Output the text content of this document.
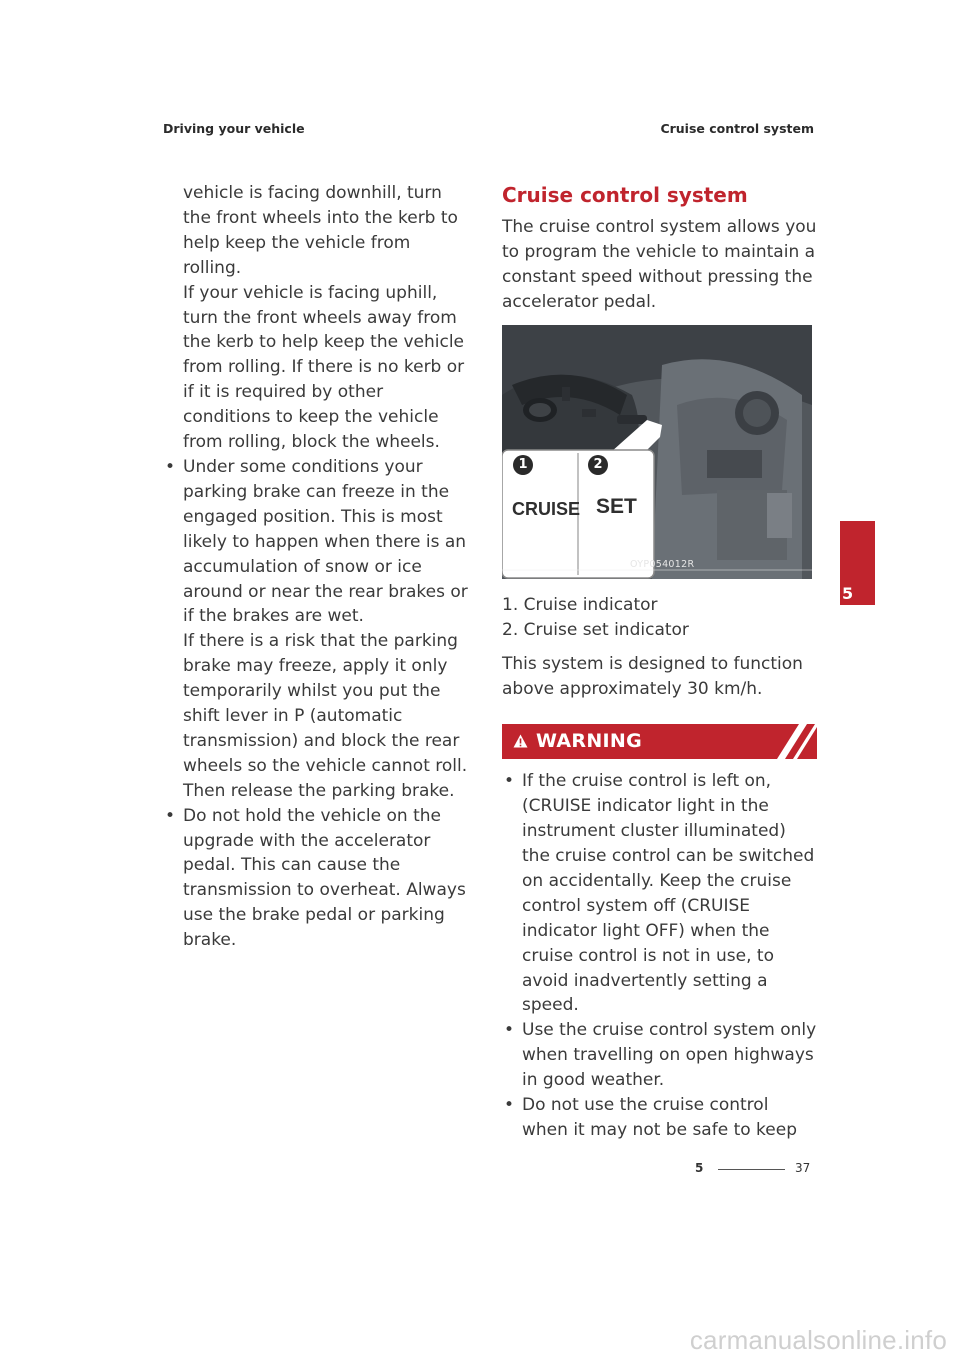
Driving your vehicle	Cruise control system
vehicle is facing downhill, turn the front wheels into the kerb to help keep the vehicle from rolling.
If your vehicle is facing uphill, turn the front wheels away from the kerb to help keep the vehicle from rolling. If there is no kerb or if it is required by other conditions to keep the vehicle from rolling, block the wheels.
• Under some conditions your parking brake can freeze in the engaged position. This is most likely to happen when there is an accumulation of snow or ice around or near the rear brakes or if the brakes are wet.
If there is a risk that the parking brake may freeze, apply it only temporarily whilst you put the shift lever in P (automatic transmission) and block the rear wheels so the vehicle cannot roll. Then release the parking brake.
• Do not hold the vehicle on the upgrade with the accelerator pedal. This can cause the transmission to overheat. Always use the brake pedal or parking brake.
Cruise control system
The cruise control system allows you to program the vehicle to maintain a constant speed without pressing the accelerator pedal.
1
CRUISE
2
SET
OYP054012R
1. Cruise indicator
2. Cruise set indicator
This system is designed to function above approximately 30 km/h.
WARNING
• If the cruise control is left on, (CRUISE indicator light in the instrument cluster illuminated) the cruise control can be switched on accidentally. Keep the cruise control system off (CRUISE indicator light OFF) when the cruise control is not in use, to avoid inadvertently setting a speed.
• Use the cruise control system only when travelling on open highways in good weather.
• Do not use the cruise control when it may not be safe to keep
5
5	37
carmanualsonline.info
